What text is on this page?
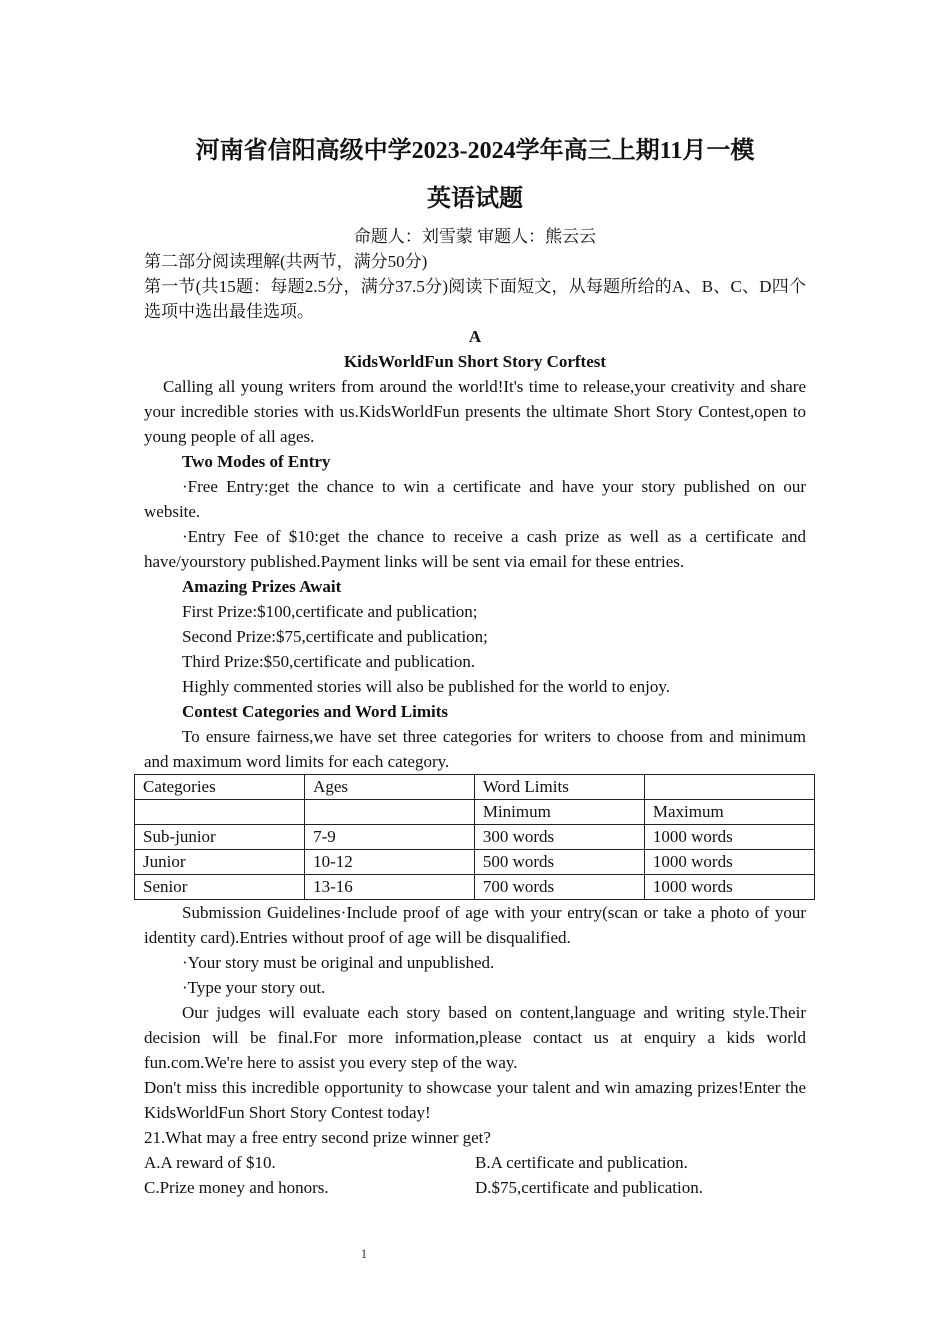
河南省信阳高级中学2023-2024学年高三上期11月一模
英语试题

命题人：刘雪蒙 审题人：熊云云

第二部分阅读理解(共两节，满分50分)

第一节(共15题：每题2.5分，满分37.5分)阅读下面短文，从每题所给的A、B、C、D四个选项中选出最佳选项。

A

KidsWorldFun Short Story Corftest

Calling all young writers from around the world!It's time to release,your creativity and share your incredible stories with us.KidsWorldFun presents the ultimate Short Story Contest,open to young people of all ages.

Two Modes of Entry

·Free Entry:get the chance to win a certificate and have your story published on our website.

·Entry Fee of $10:get the chance to receive a cash prize as well as a certificate and have/yourstory published.Payment links will be sent via email for these entries.

Amazing Prizes Await

First Prize:$100,certificate and publication;

Second Prize:$75,certificate and publication;

Third Prize:$50,certificate and publication.

Highly commented stories will also be published for the world to enjoy.

Contest Categories and Word Limits

To ensure fairness,we have set three categories for writers to choose from and minimum and maximum word limits for each category.

Categories	Ages	Word Limits	
		Minimum	Maximum
Sub-junior	7-9	300 words	1000 words
Junior	10-12	500 words	1000 words
Senior	13-16	700 words	1000 words

Submission Guidelines·Include proof of age with your entry(scan or take a photo of your identity card).Entries without proof of age will be disqualified.

·Your story must be original and unpublished.

·Type your story out.

Our judges will evaluate each story based on content,language and writing style.Their decision will be final.For more information,please contact us at enquiry a kids world fun.com.We're here to assist you every step of the way.

Don't miss this incredible opportunity to showcase your talent and win amazing prizes!Enter the KidsWorldFun Short Story Contest today!

21.What may a free entry second prize winner get?

A.A reward of $10.	B.A certificate and publication.
C.Prize money and honors.	D.$75,certificate and publication.
1
